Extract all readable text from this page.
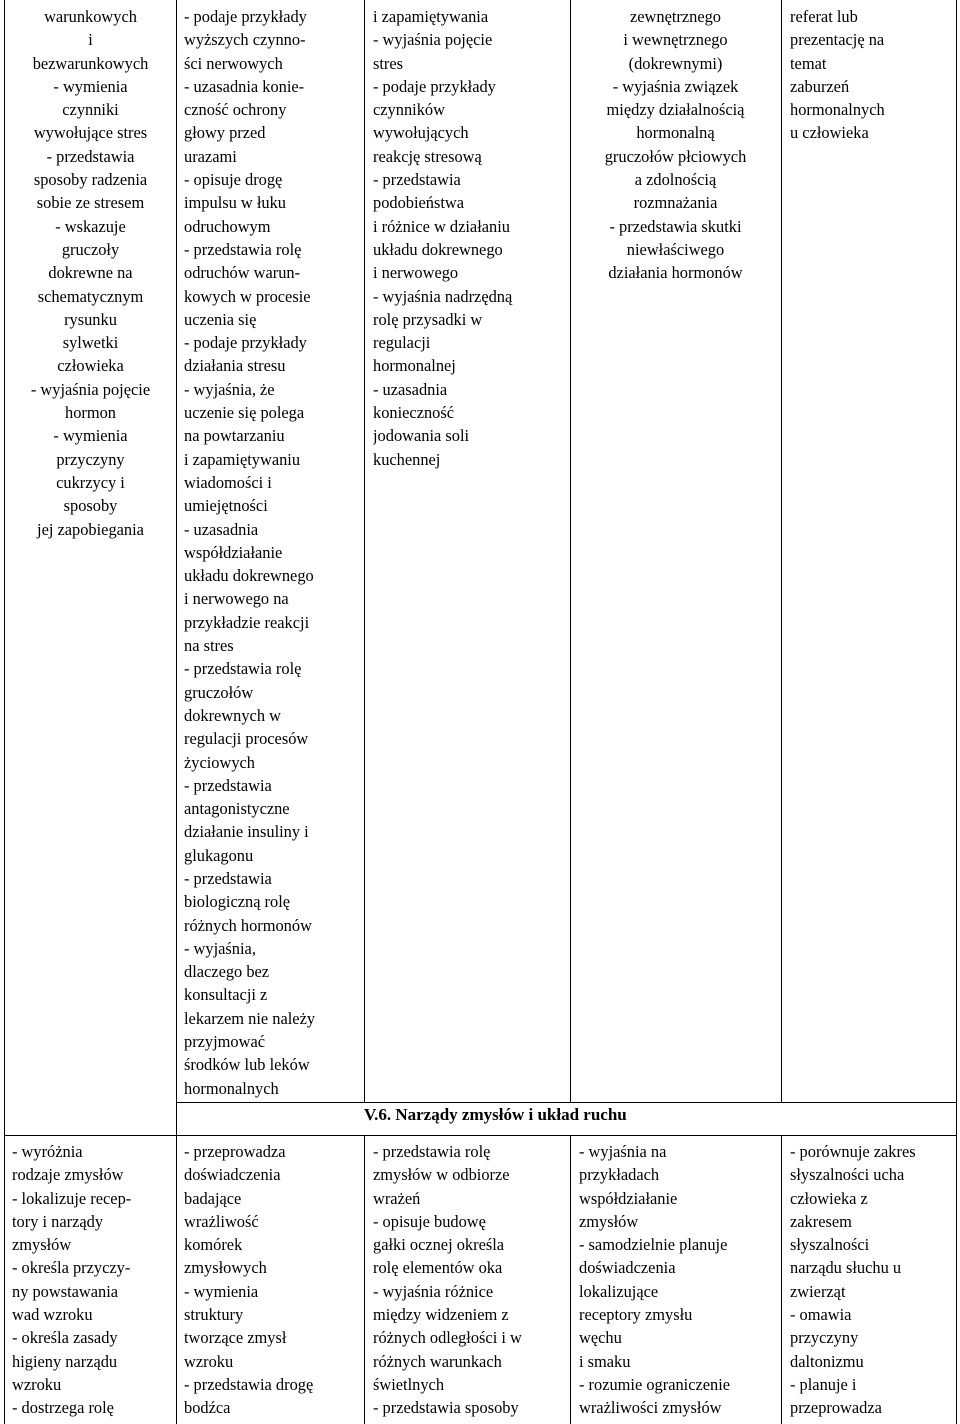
warunkowych
i
bezwarunkowych
- wymienia
czynniki
wywołujące stres
- przedstawia
sposoby radzenia
sobie ze stresem
- wskazuje
gruczoły
dokrewne na
schematycznym
rysunku
sylwetki
człowieka
- wyjaśnia pojęcie
hormon
- wymienia
przyczyny
cukrzycy i
sposoby
jej zapobiegania
- podaje przykłady
wyższych czynno-
ści nerwowych
- uzasadnia konie-
czność ochrony
głowy przed
urazami
- opisuje drogę
impulsu w łuku
odruchowym
- przedstawia rolę
odruchów warun-
kowych w procesie
uczenia się
- podaje przykłady
działania stresu
- wyjaśnia, że
uczenie się polega
na powtarzaniu
i zapamiętywaniu
wiadomości i
umiejętności
- uzasadnia
współdziałanie
układu dokrewnego
i nerwowego na
przykładzie reakcji
na stres
- przedstawia rolę
gruczołów
dokrewnych w
regulacji procesów
życiowych
- przedstawia
antagonistyczne
działanie insuliny i
glukagonu
- przedstawia
biologiczną rolę
różnych hormonów
- wyjaśnia,
dlaczego bez
konsultacji z
lekarzem nie należy
przyjmować
środków lub leków
hormonalnych
i zapamiętywania
- wyjaśnia pojęcie
stres
- podaje przykłady
czynników
wywołujących
reakcję stresową
- przedstawia
podobieństwa
i różnice w działaniu
układu dokrewnego
i nerwowego
- wyjaśnia nadrzędną
rolę przysadki w
regulacji
hormonalnej
- uzasadnia
konieczność
jodowania soli
kuchennej
zewnętrznego
i wewnętrznego
(dokrewnymi)
- wyjaśnia związek
między działalnością
hormonalną
gruczołów płciowych
a zdolnością
rozmnażania
- przedstawia skutki
niewłaściwego
działania hormonów
referat lub
prezentację na
temat
zaburzeń
hormonalnych
u człowieka
V.6. Narządy zmysłów i układ ruchu
- wyróżnia
rodzaje zmysłów
- lokalizuje recep-
tory i narządy
zmysłów
- określa przyczy-
ny powstawania
wad wzroku
- określa zasady
higieny narządu
wzroku
- dostrzega rolę
- przeprowadza
doświadczenia
badające
wrażliwość
komórek
zmysłowych
- wymienia
struktury
tworzące zmysł
wzroku
- przedstawia drogę
bodźca
- przedstawia rolę
zmysłów w odbiorze
wrażeń
- opisuje budowę
gałki ocznej określa
rolę elementów oka
- wyjaśnia różnice
między widzeniem z
różnych odległości i w
różnych warunkach
świetlnych
- przedstawia sposoby
- wyjaśnia na
przykładach
współdziałanie
zmysłów
- samodzielnie planuje
doświadczenia
lokalizujące
receptory zmysłu
węchu
i smaku
- rozumie ograniczenie
wrażliwości zmysłów
- porównuje zakres
słyszalności ucha
człowieka z
zakresem
słyszalności
narządu słuchu u
zwierząt
- omawia
przyczyny
daltonizmu
- planuje i
przeprowadza
